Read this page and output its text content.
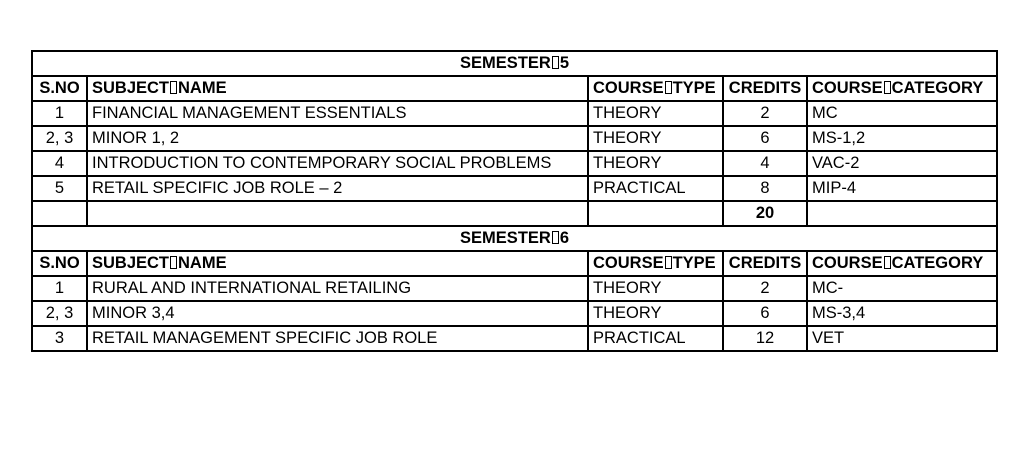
SEMESTER 5				
S.NO	SUBJECT NAME	COURSE TYPE	CREDITS	COURSE CATEGORY
1	FINANCIAL MANAGEMENT ESSENTIALS	THEORY	2	MC
2, 3	MINOR 1, 2	THEORY	6	MS-1,2
4	INTRODUCTION TO CONTEMPORARY SOCIAL PROBLEMS	THEORY	4	VAC-2
5	RETAIL SPECIFIC JOB ROLE – 2	PRACTICAL	8	MIP-4
			20	
SEMESTER 6				
S.NO	SUBJECT NAME	COURSE TYPE	CREDITS	COURSE CATEGORY
1	RURAL AND INTERNATIONAL RETAILING	THEORY	2	MC-
2, 3	MINOR 3,4	THEORY	6	MS-3,4
3	RETAIL MANAGEMENT SPECIFIC JOB ROLE	PRACTICAL	12	VET
